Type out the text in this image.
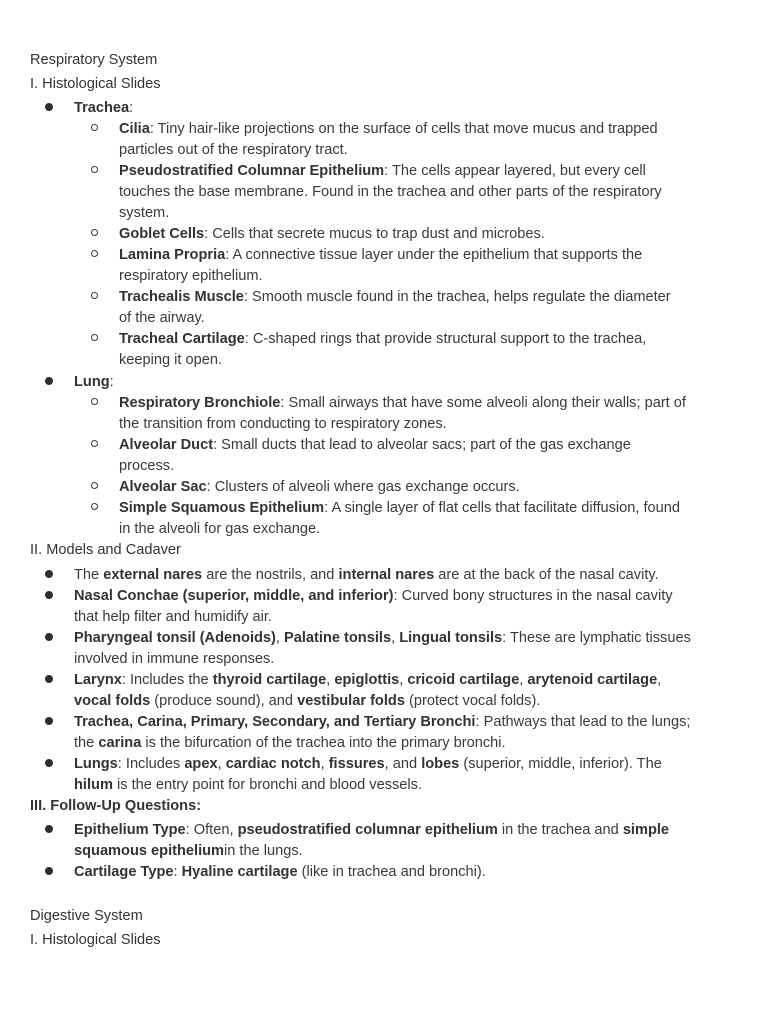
Respiratory System
I. Histological Slides
Trachea:
Cilia: Tiny hair-like projections on the surface of cells that move mucus and trapped
particles out of the respiratory tract.
Pseudostratified Columnar Epithelium: The cells appear layered, but every cell
touches the base membrane. Found in the trachea and other parts of the respiratory
system.
Goblet Cells: Cells that secrete mucus to trap dust and microbes.
Lamina Propria: A connective tissue layer under the epithelium that supports the
respiratory epithelium.
Trachealis Muscle: Smooth muscle found in the trachea, helps regulate the diameter
of the airway.
Tracheal Cartilage: C-shaped rings that provide structural support to the trachea,
keeping it open.
Lung:
Respiratory Bronchiole: Small airways that have some alveoli along their walls; part of
the transition from conducting to respiratory zones.
Alveolar Duct: Small ducts that lead to alveolar sacs; part of the gas exchange
process.
Alveolar Sac: Clusters of alveoli where gas exchange occurs.
Simple Squamous Epithelium: A single layer of flat cells that facilitate diffusion, found
in the alveoli for gas exchange.
II. Models and Cadaver
The external nares are the nostrils, and internal nares are at the back of the nasal cavity.
Nasal Conchae (superior, middle, and inferior): Curved bony structures in the nasal cavity
that help filter and humidify air.
Pharyngeal tonsil (Adenoids), Palatine tonsils, Lingual tonsils: These are lymphatic tissues
involved in immune responses.
Larynx: Includes the thyroid cartilage, epiglottis, cricoid cartilage, arytenoid cartilage,
vocal folds (produce sound), and vestibular folds (protect vocal folds).
Trachea, Carina, Primary, Secondary, and Tertiary Bronchi: Pathways that lead to the lungs;
the carina is the bifurcation of the trachea into the primary bronchi.
Lungs: Includes apex, cardiac notch, fissures, and lobes (superior, middle, inferior). The
hilum is the entry point for bronchi and blood vessels.
III. Follow-Up Questions:
Epithelium Type: Often, pseudostratified columnar epithelium in the trachea and simple
squamous epitheliumin the lungs.
Cartilage Type: Hyaline cartilage (like in trachea and bronchi).
Digestive System
I. Histological Slides
